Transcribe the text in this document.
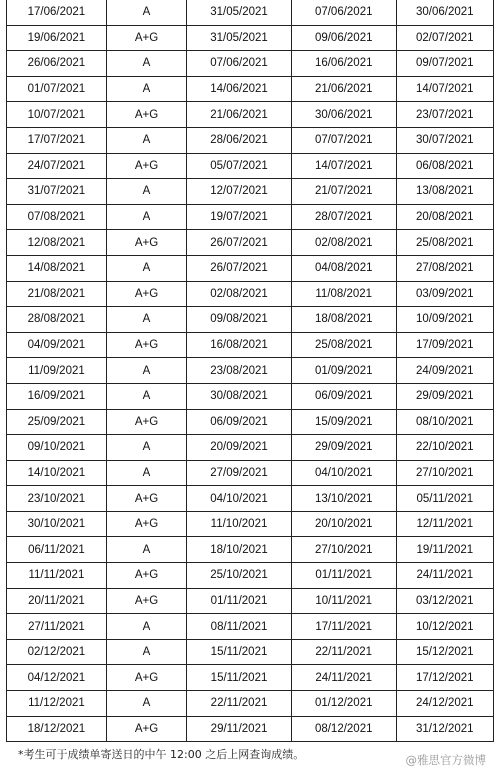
17/06/2021	A	31/05/2021	07/06/2021	30/06/2021
19/06/2021	A+G	31/05/2021	09/06/2021	02/07/2021
26/06/2021	A	07/06/2021	16/06/2021	09/07/2021
01/07/2021	A	14/06/2021	21/06/2021	14/07/2021
10/07/2021	A+G	21/06/2021	30/06/2021	23/07/2021
17/07/2021	A	28/06/2021	07/07/2021	30/07/2021
24/07/2021	A+G	05/07/2021	14/07/2021	06/08/2021
31/07/2021	A	12/07/2021	21/07/2021	13/08/2021
07/08/2021	A	19/07/2021	28/07/2021	20/08/2021
12/08/2021	A+G	26/07/2021	02/08/2021	25/08/2021
14/08/2021	A	26/07/2021	04/08/2021	27/08/2021
21/08/2021	A+G	02/08/2021	11/08/2021	03/09/2021
28/08/2021	A	09/08/2021	18/08/2021	10/09/2021
04/09/2021	A+G	16/08/2021	25/08/2021	17/09/2021
11/09/2021	A	23/08/2021	01/09/2021	24/09/2021
16/09/2021	A	30/08/2021	06/09/2021	29/09/2021
25/09/2021	A+G	06/09/2021	15/09/2021	08/10/2021
09/10/2021	A	20/09/2021	29/09/2021	22/10/2021
14/10/2021	A	27/09/2021	04/10/2021	27/10/2021
23/10/2021	A+G	04/10/2021	13/10/2021	05/11/2021
30/10/2021	A+G	11/10/2021	20/10/2021	12/11/2021
06/11/2021	A	18/10/2021	27/10/2021	19/11/2021
11/11/2021	A+G	25/10/2021	01/11/2021	24/11/2021
20/11/2021	A+G	01/11/2021	10/11/2021	03/12/2021
27/11/2021	A	08/11/2021	17/11/2021	10/12/2021
02/12/2021	A	15/11/2021	22/11/2021	15/12/2021
04/12/2021	A+G	15/11/2021	24/11/2021	17/12/2021
11/12/2021	A	22/11/2021	01/12/2021	24/12/2021
18/12/2021	A+G	29/11/2021	08/12/2021	31/12/2021
*考生可于成绩单寄送日的中午 12:00 之后上网查询成绩。	@雅思官方微博
